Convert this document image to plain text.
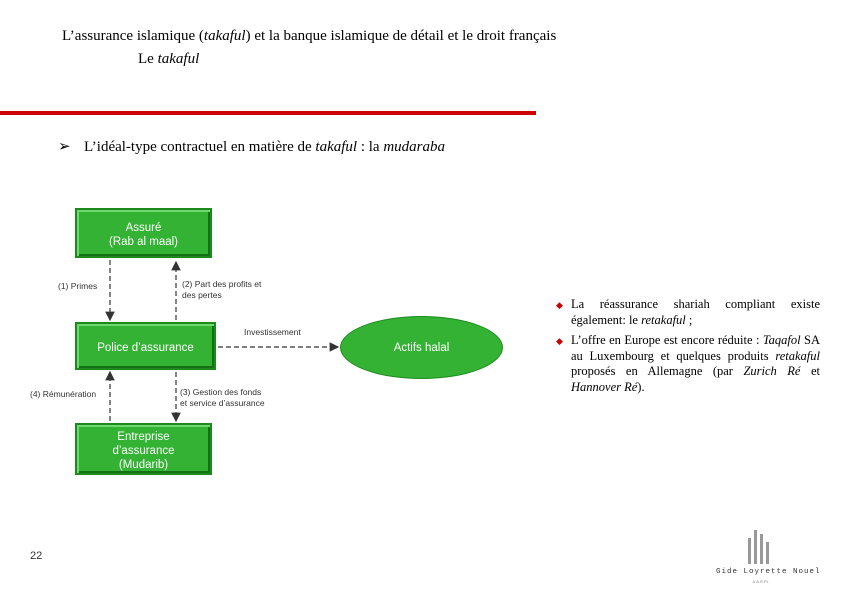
L’assurance islamique (takaful) et la banque islamique de détail et le droit français
Le takaful
➢ L’idéal-type contractuel en matière de takaful : la mudaraba
Assuré
(Rab al maal)
Police d’assurance
Entreprise
d’assurance
(Mudarib)
Actifs halal
(1) Primes	(2) Part des profits et
des pertes
Investissement
(4) Rémunération	(3) Gestion des fonds
et service d’assurance
◆ La réassurance shariah compliant existe également: le retakaful ;
◆ L’offre en Europe est encore réduite : Taqafol SA au Luxembourg et quelques produits retakaful proposés en Allemagne (par Zurich Ré et Hannover Ré).
22
Gide Loyrette Nouel
A.A.R.P.I.
